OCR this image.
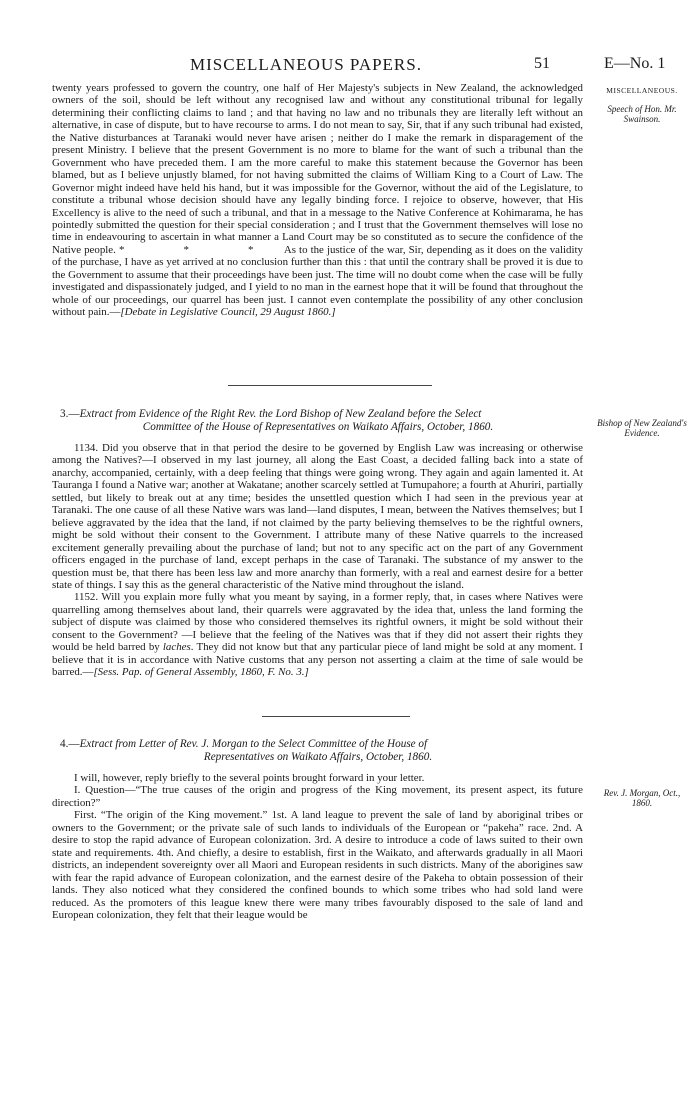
MISCELLANEOUS PAPERS.	51	E—No. 1
MISCELLANEOUS.
Speech of Hon. Mr. Swainson.
Bishop of New Zealand's Evidence.
Rev. J. Morgan, Oct., 1860.

twenty years professed to govern the country, one half of Her Majesty's subjects in New Zealand, the acknowledged owners of the soil, should be left without any recognised law and without any constitutional tribunal for legally determining their conflicting claims to land ; and that having no law and no tribunals they are literally left without an alternative, in case of dispute, but to have recourse to arms. I do not mean to say, Sir, that if any such tribunal had existed, the Native disturbances at Taranaki would never have arisen ; neither do I make the remark in disparagement of the present Ministry. I believe that the present Government is no more to blame for the want of such a tribunal than the Government who have preceded them. I am the more careful to make this statement because the Governor has been blamed, but as I believe unjustly blamed, for not having submitted the claims of William King to a Court of Law. The Governor might indeed have held his hand, but it was impossible for the Governor, without the aid of the Legislature, to constitute a tribunal whose decision should have any legally binding force. I rejoice to observe, however, that His Excellency is alive to the need of such a tribunal, and that in a message to the Native Conference at Kohimarama, he has pointedly submitted the question for their special consideration ; and I trust that the Government themselves will lose no time in endeavouring to ascertain in what manner a Land Court may be so constituted as to secure the confidence of the Native people. * * * As to the justice of the war, Sir, depending as it does on the validity of the purchase, I have as yet arrived at no conclusion further than this : that until the contrary shall be proved it is due to the Government to assume that their proceedings have been just. The time will no doubt come when the case will be fully investigated and dispassionately judged, and I yield to no man in the earnest hope that it will be found that throughout the whole of our proceedings, our quarrel has been just. I cannot even contemplate the possibility of any other conclusion without pain.—[Debate in Legislative Council, 29 August 1860.]

3.—Extract from Evidence of the Right Rev. the Lord Bishop of New Zealand before the Select
Committee of the House of Representatives on Waikato Affairs, October, 1860.

1134. Did you observe that in that period the desire to be governed by English Law was increasing or otherwise among the Natives?—I observed in my last journey, all along the East Coast, a decided falling back into a state of anarchy, accompanied, certainly, with a deep feeling that things were going wrong. They again and again lamented it. At Tauranga I found a Native war; another at Wakatane; another scarcely settled at Tumupahore; a fourth at Ahuriri, partially settled, but likely to break out at any time; besides the unsettled question which I had seen in the previous year at Taranaki. The one cause of all these Native wars was land—land disputes, I mean, between the Natives themselves; but I believe aggravated by the idea that the land, if not claimed by the party believing themselves to be the rightful owners, might be sold without their consent to the Government. I attribute many of these Native quarrels to the increased excitement generally prevailing about the purchase of land; but not to any specific act on the part of any Government officers engaged in the purchase of land, except perhaps in the case of Taranaki. The substance of my answer to the question must be, that there has been less law and more anarchy than formerly, with a real and earnest desire for a better state of things. I say this as the general characteristic of the Native mind throughout the island.

1152. Will you explain more fully what you meant by saying, in a former reply, that, in cases where Natives were quarrelling among themselves about land, their quarrels were aggravated by the idea that, unless the land forming the subject of dispute was claimed by those who considered themselves its rightful owners, it might be sold without their consent to the Government? —I believe that the feeling of the Natives was that if they did not assert their rights they would be held barred by laches. They did not know but that any particular piece of land might be sold at any moment. I believe that it is in accordance with Native customs that any person not asserting a claim at the time of sale would be barred.—[Sess. Pap. of General Assembly, 1860, F. No. 3.]

4.—Extract from Letter of Rev. J. Morgan to the Select Committee of the House of
Representatives on Waikato Affairs, October, 1860.

I will, however, reply briefly to the several points brought forward in your letter.

I. Question—“The true causes of the origin and progress of the King movement, its present aspect, its future direction?”

First. “The origin of the King movement.” 1st. A land league to prevent the sale of land by aboriginal tribes or owners to the Government; or the private sale of such lands to individuals of the European or “pakeha” race. 2nd. A desire to stop the rapid advance of European colonization. 3rd. A desire to introduce a code of laws suited to their own state and requirements. 4th. And chiefly, a desire to establish, first in the Waikato, and afterwards gradually in all Maori districts, an independent sovereignty over all Maori and European residents in such districts. Many of the aborigines saw with fear the rapid advance of European colonization, and the earnest desire of the Pakeha to obtain possession of their lands. They also noticed what they considered the confined bounds to which some tribes who had sold land were reduced. As the promoters of this league knew there were many tribes favourably disposed to the sale of land and European colonization, they felt that their league would be
